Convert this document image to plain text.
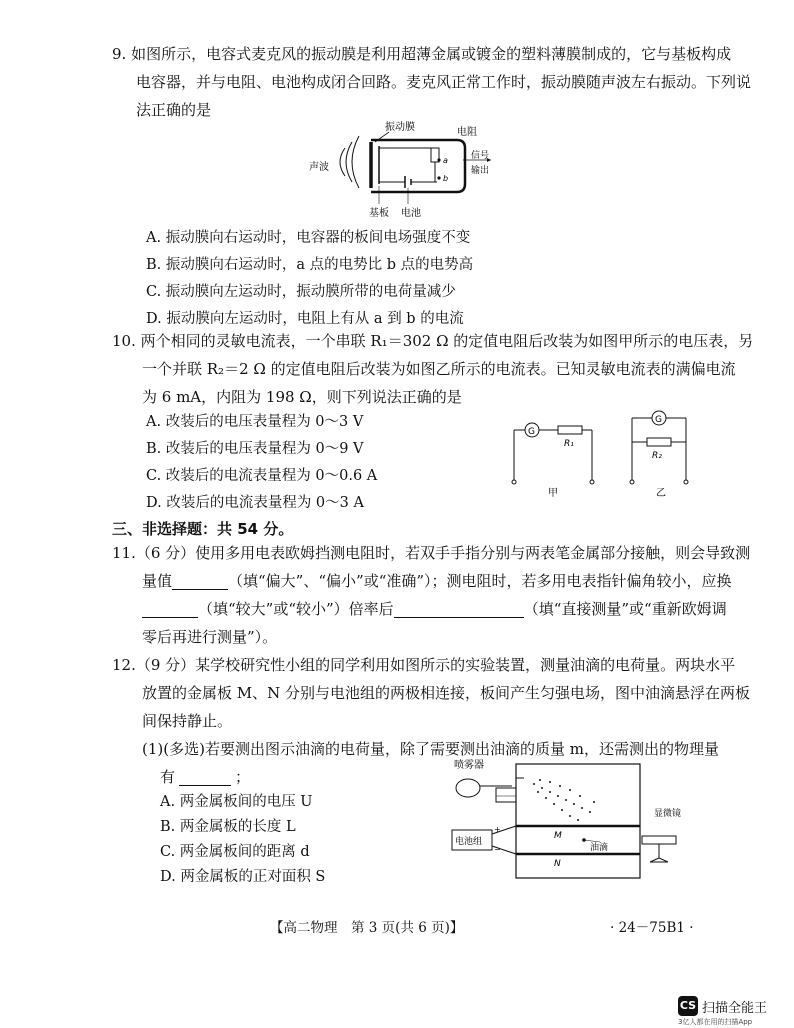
9. 如图所示，电容式麦克风的振动膜是利用超薄金属或镀金的塑料薄膜制成的，它与基板构成
电容器，并与电阻、电池构成闭合回路。麦克风正常工作时，振动膜随声波左右振动。下列说
法正确的是
声波
a
b
振动膜	电阻
信号
输出
基板 电池
A. 振动膜向右运动时，电容器的板间电场强度不变
B. 振动膜向右运动时，a 点的电势比 b 点的电势高
C. 振动膜向左运动时，振动膜所带的电荷量减少
D. 振动膜向左运动时，电阻上有从 a 到 b 的电流
10. 两个相同的灵敏电流表，一个串联 R₁＝302 Ω 的定值电阻后改装为如图甲所示的电压表，另
一个并联 R₂＝2 Ω 的定值电阻后改装为如图乙所示的电流表。已知灵敏电流表的满偏电流
为 6 mA，内阻为 198 Ω，则下列说法正确的是
A. 改装后的电压表量程为 0～3 V
B. 改装后的电压表量程为 0～9 V
C. 改装后的电流表量程为 0～0.6 A
D. 改装后的电流表量程为 0～3 A
G
R₁
甲
G
R₂
乙
三、非选择题：共 54 分。
11.（6 分）使用多用电表欧姆挡测电阻时，若双手手指分别与两表笔金属部分接触，则会导致测
量值	（填“偏大”、“偏小”或“准确”）；测电阻时，若多用电表指针偏角较小，应换
（填“较大”或“较小”）倍率后	（填“直接测量”或“重新欧姆调
零后再进行测量”）。
12.（9 分）某学校研究性小组的同学利用如图所示的实验装置，测量油滴的电荷量。两块水平
放置的金属板 M、N 分别与电池组的两极相连接，板间产生匀强电场，图中油滴悬浮在两板
间保持静止。
(1)(多选)若要测出图示油滴的电荷量，除了需要测出油滴的质量 m，还需测出的物理量
有	；
A. 两金属板间的电压 U
B. 两金属板的长度 L
C. 两金属板间的距离 d
D. 两金属板的正对面积 S
喷雾器
M
N
油滴
电池组
+
−
显微镜
【高二物理　第 3 页(共 6 页)】	· 24－75B1 ·
CS 扫描全能王
3亿人都在用的扫描App
